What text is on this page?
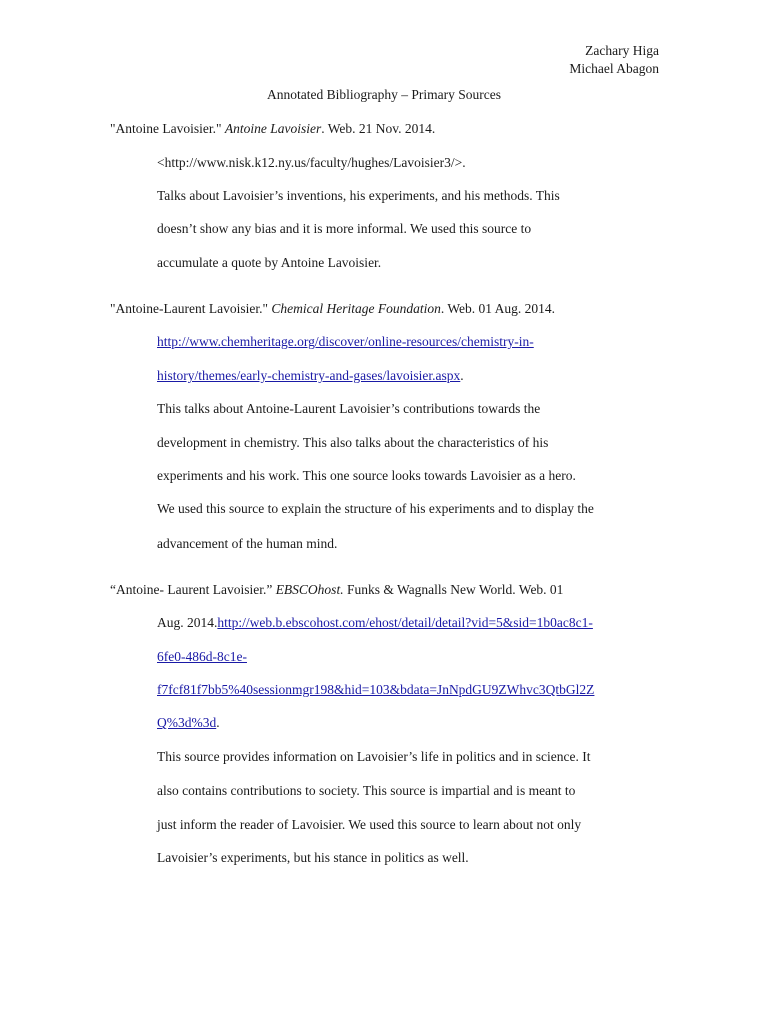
Zachary Higa
Michael Abagon
Annotated Bibliography – Primary Sources
"Antoine Lavoisier." Antoine Lavoisier. Web. 21 Nov. 2014.
<http://www.nisk.k12.ny.us/faculty/hughes/Lavoisier3/>.
Talks about Lavoisier’s inventions, his experiments, and his methods. This
doesn’t show any bias and it is more informal. We used this source to
accumulate a quote by Antoine Lavoisier.
"Antoine-Laurent Lavoisier." Chemical Heritage Foundation. Web. 01 Aug. 2014.
http://www.chemheritage.org/discover/online-resources/chemistry-in-
history/themes/early-chemistry-and-gases/lavoisier.aspx.
This talks about Antoine-Laurent Lavoisier’s contributions towards the
development in chemistry. This also talks about the characteristics of his
experiments and his work. This one source looks towards Lavoisier as a hero.
We used this source to explain the structure of his experiments and to display the
advancement of the human mind.
“Antoine- Laurent Lavoisier.” EBSCOhost. Funks & Wagnalls New World. Web. 01
Aug. 2014.http://web.b.ebscohost.com/ehost/detail/detail?vid=5&sid=1b0ac8c1-
6fe0-486d-8c1e-
f7fcf81f7bb5%40sessionmgr198&hid=103&bdata=JnNpdGU9ZWhvc3QtbGl2Z
Q%3d%3d.
This source provides information on Lavoisier’s life in politics and in science. It
also contains contributions to society. This source is impartial and is meant to
just inform the reader of Lavoisier. We used this source to learn about not only
Lavoisier’s experiments, but his stance in politics as well.
